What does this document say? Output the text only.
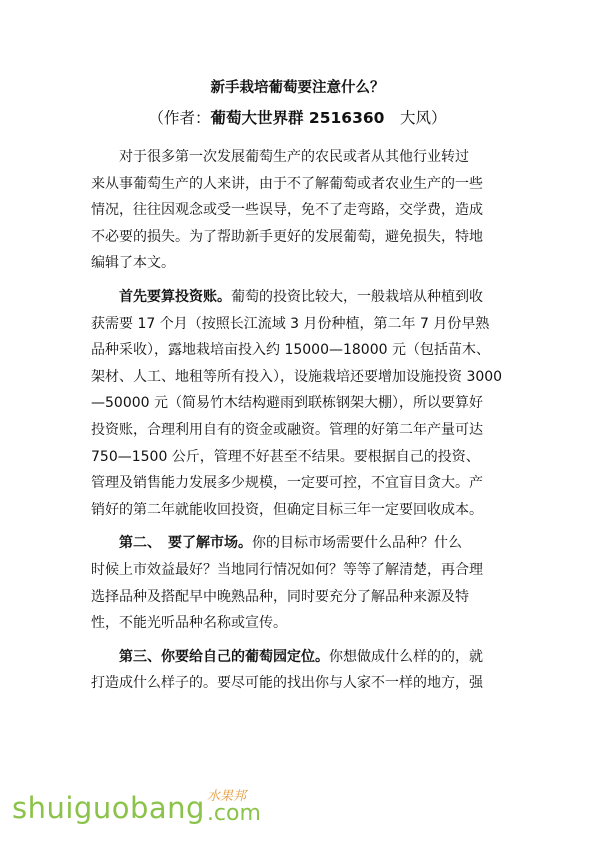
新手栽培葡萄要注意什么？
（作者：葡萄大世界群 2516360　 大风）
对于很多第一次发展葡萄生产的农民或者从其他行业转过
来从事葡萄生产的人来讲，由于不了解葡萄或者农业生产的一些
情况，往往因观念或受一些误导，免不了走弯路，交学费，造成
不必要的损失。为了帮助新手更好的发展葡萄，避免损失，特地
编辑了本文。
首先要算投资账。葡萄的投资比较大，一般栽培从种植到收
获需要 17 个月（按照长江流域 3 月份种植，第二年 7 月份早熟
品种采收），露地栽培亩投入约 15000—18000 元（包括苗木、
架材、人工、地租等所有投入），设施栽培还要增加设施投资 3000
—50000 元（简易竹木结构避雨到联栋钢架大棚），所以要算好
投资账，合理利用自有的资金或融资。管理的好第二年产量可达
750—1500 公斤，管理不好甚至不结果。要根据自己的投资、
管理及销售能力发展多少规模，一定要可控，不宜盲目贪大。产
销好的第二年就能收回投资，但确定目标三年一定要回收成本。
第二、　要了解市场。你的目标市场需要什么品种？什么
时候上市效益最好？当地同行情况如何？等等了解清楚，再合理
选择品种及搭配早中晚熟品种，同时要充分了解品种来源及特
性，不能光听品种名称或宣传。
第三、你要给自己的葡萄园定位。你想做成什么样的的，就
打造成什么样子的。要尽可能的找出你与人家不一样的地方，强
shuiguobang 水果邦
.com
